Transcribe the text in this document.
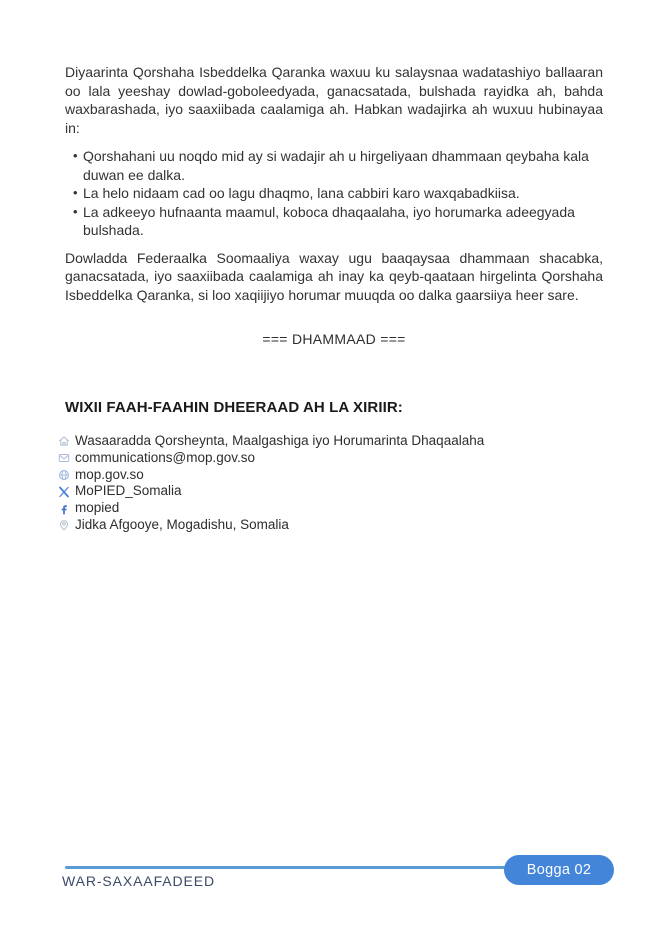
Diyaarinta Qorshaha Isbeddelka Qaranka waxuu ku salaysnaa wadatashiyo ballaaran oo lala yeeshay dowlad-goboleedyada, ganacsatada, bulshada rayidka ah, bahda waxbarashada, iyo saaxiibada caalamiga ah. Habkan wadajirka ah wuxuu hubinayaa in:

• Qorshahani uu noqdo mid ay si wadajir ah u hirgeliyaan dhammaan qeybaha kala duwan ee dalka.
• La helo nidaam cad oo lagu dhaqmo, lana cabbiri karo waxqabadkiisa.
• La adkeeyo hufnaanta maamul, koboca dhaqaalaha, iyo horumarka adeegyada bulshada.

Dowladda Federaalka Soomaaliya waxay ugu baaqaysaa dhammaan shacabka, ganacsatada, iyo saaxiibada caalamiga ah inay ka qeyb-qaataan hirgelinta Qorshaha Isbeddelka Qaranka, si loo xaqiijiyo horumar muuqda oo dalka gaarsiiya heer sare.

=== DHAMMAAD ===
WIXII FAAH-FAAHIN DHEERAAD AH LA XIRIIR:
Wasaaradda Qorsheynta, Maalgashiga iyo Horumarinta Dhaqaalaha
communications@mop.gov.so
mop.gov.so
MoPIED_Somalia
mopied
Jidka Afgooye, Mogadishu, Somalia
WAR-SAXAAFADEED
Bogga 02
